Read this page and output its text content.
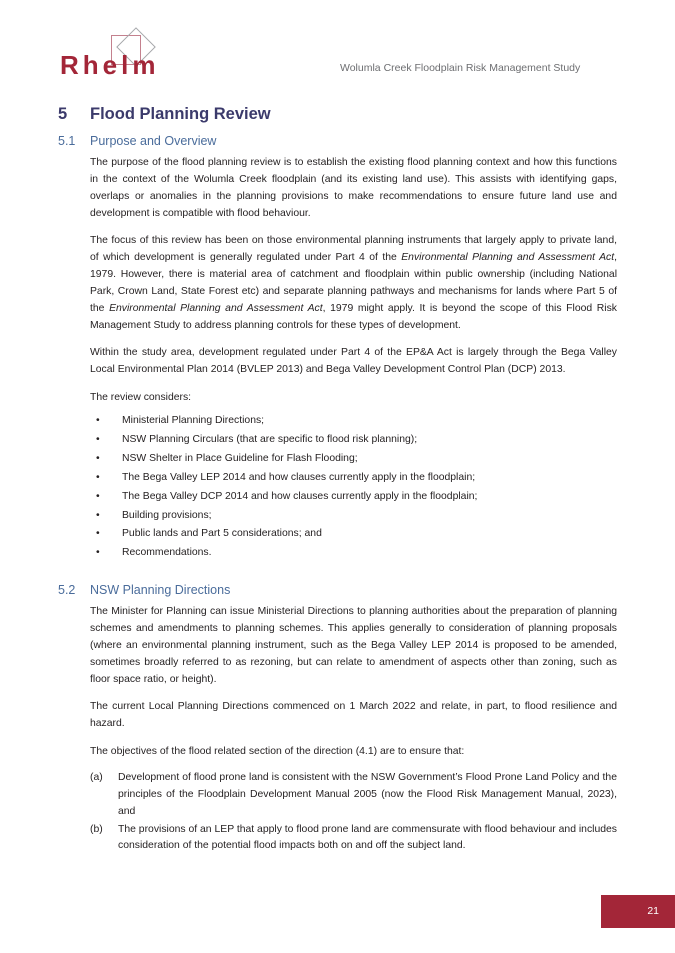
Rhelm	Wolumla Creek Floodplain Risk Management Study
5	Flood Planning Review
5.1	Purpose and Overview

The purpose of the flood planning review is to establish the existing flood planning context and how this functions in the context of the Wolumla Creek floodplain (and its existing land use). This assists with identifying gaps, overlaps or anomalies in the planning provisions to make recommendations to ensure future land use and development is compatible with flood behaviour.

The focus of this review has been on those environmental planning instruments that largely apply to private land, of which development is generally regulated under Part 4 of the Environmental Planning and Assessment Act, 1979. However, there is material area of catchment and floodplain within public ownership (including National Park, Crown Land, State Forest etc) and separate planning pathways and mechanisms for lands where Part 5 of the Environmental Planning and Assessment Act, 1979 might apply. It is beyond the scope of this Flood Risk Management Study to address planning controls for these types of development.

Within the study area, development regulated under Part 4 of the EP&A Act is largely through the Bega Valley Local Environmental Plan 2014 (BVLEP 2013) and Bega Valley Development Control Plan (DCP) 2013.

The review considers:

• Ministerial Planning Directions;
• NSW Planning Circulars (that are specific to flood risk planning);
• NSW Shelter in Place Guideline for Flash Flooding;
• The Bega Valley LEP 2014 and how clauses currently apply in the floodplain;
• The Bega Valley DCP 2014 and how clauses currently apply in the floodplain;
• Building provisions;
• Public lands and Part 5 considerations; and
• Recommendations.
5.2	NSW Planning Directions

The Minister for Planning can issue Ministerial Directions to planning authorities about the preparation of planning schemes and amendments to planning schemes. This applies generally to consideration of planning proposals (where an environmental planning instrument, such as the Bega Valley LEP 2014 is proposed to be amended, sometimes broadly referred to as rezoning, but can relate to amendment of aspects other than zoning, such as floor space ratio, or height).

The current Local Planning Directions commenced on 1 March 2022 and relate, in part, to flood resilience and hazard.

The objectives of the flood related section of the direction (4.1) are to ensure that:

(a) Development of flood prone land is consistent with the NSW Government’s Flood Prone Land Policy and the principles of the Floodplain Development Manual 2005 (now the Flood Risk Management Manual, 2023), and
(b) The provisions of an LEP that apply to flood prone land are commensurate with flood behaviour and includes consideration of the potential flood impacts both on and off the subject land.
21
